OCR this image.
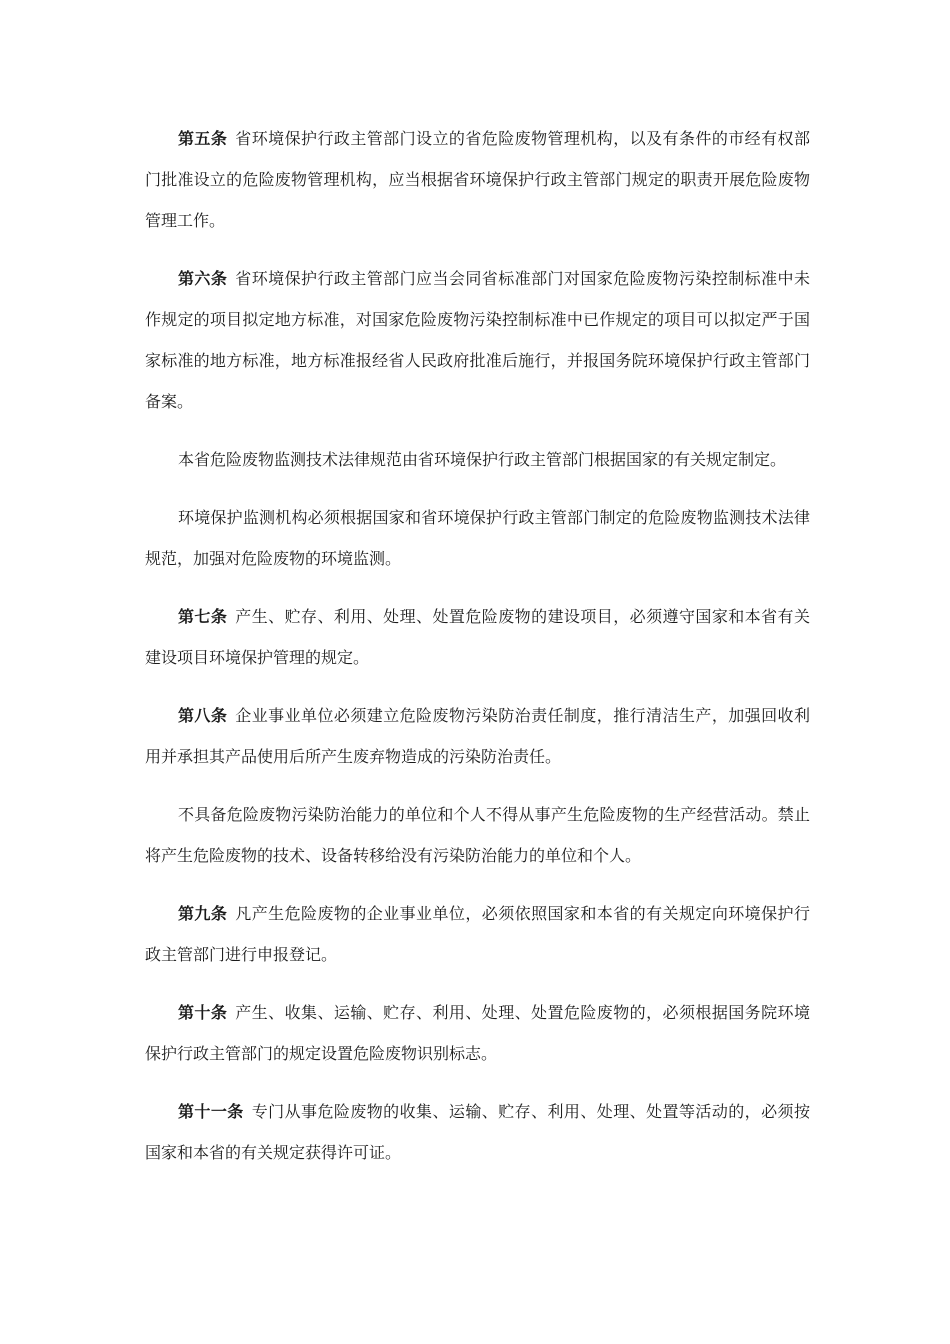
第五条 省环境保护行政主管部门设立的省危险废物管理机构，以及有条件的市经有权部门批准设立的危险废物管理机构，应当根据省环境保护行政主管部门规定的职责开展危险废物管理工作。

第六条 省环境保护行政主管部门应当会同省标准部门对国家危险废物污染控制标准中未作规定的项目拟定地方标准，对国家危险废物污染控制标准中已作规定的项目可以拟定严于国家标准的地方标准，地方标准报经省人民政府批准后施行，并报国务院环境保护行政主管部门备案。

本省危险废物监测技术法律规范由省环境保护行政主管部门根据国家的有关规定制定。

环境保护监测机构必须根据国家和省环境保护行政主管部门制定的危险废物监测技术法律规范，加强对危险废物的环境监测。

第七条 产生、贮存、利用、处理、处置危险废物的建设项目，必须遵守国家和本省有关建设项目环境保护管理的规定。

第八条 企业事业单位必须建立危险废物污染防治责任制度，推行清洁生产，加强回收利用并承担其产品使用后所产生废弃物造成的污染防治责任。

不具备危险废物污染防治能力的单位和个人不得从事产生危险废物的生产经营活动。禁止将产生危险废物的技术、设备转移给没有污染防治能力的单位和个人。

第九条 凡产生危险废物的企业事业单位，必须依照国家和本省的有关规定向环境保护行政主管部门进行申报登记。

第十条 产生、收集、运输、贮存、利用、处理、处置危险废物的，必须根据国务院环境保护行政主管部门的规定设置危险废物识别标志。

第十一条 专门从事危险废物的收集、运输、贮存、利用、处理、处置等活动的，必须按国家和本省的有关规定获得许可证。
